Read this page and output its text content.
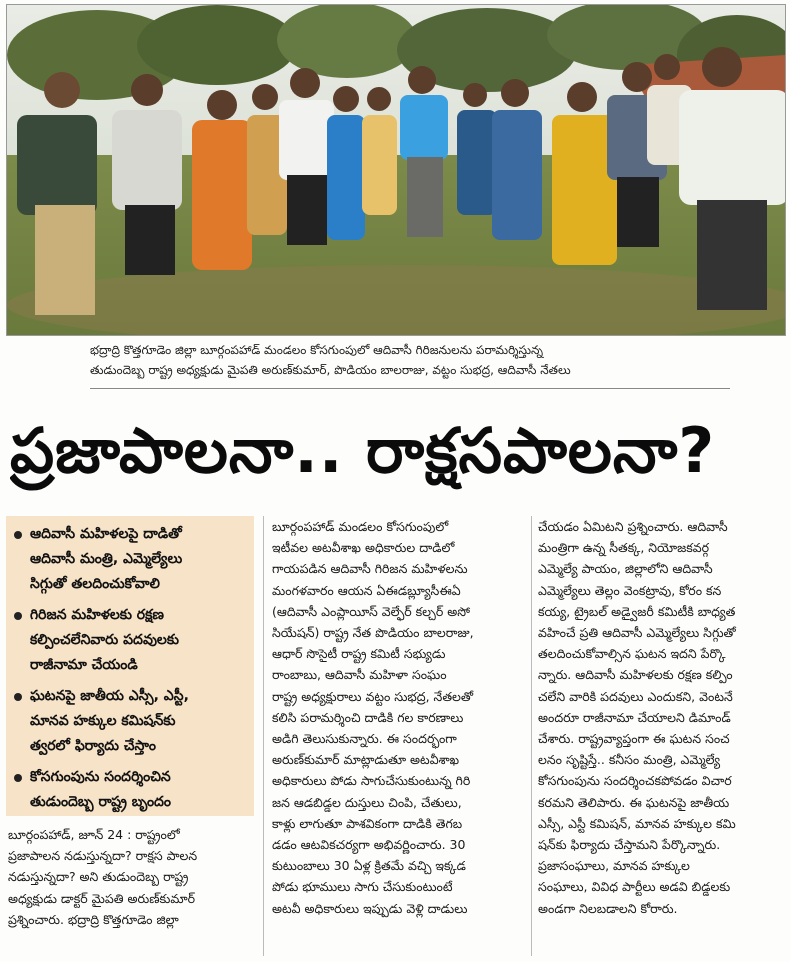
భద్రాద్రి కొత్తగూడెం జిల్లా బూర్గంపహాడ్ మండలం కోసగుంపులో ఆదివాసీ గిరిజనులను పరామర్శిస్తున్న
తుడుందెబ్బ రాష్ట్ర అధ్యక్షుడు మైపతి అరుణ్‌కుమార్, పొడియం బాలరాజు, వట్టం సుభద్ర, ఆదివాసీ నేతలు
ప్రజాపాలనా.. రాక్షసపాలనా?
ఆదివాసీ మహిళలపై దాడితో
ఆదివాసీ మంత్రి, ఎమ్మెల్యేలు
సిగ్గుతో తలదించుకోవాలి
గిరిజన మహిళలకు రక్షణ
కల్పించలేనివారు పదవులకు
రాజీనామా చేయండి
ఘటనపై జాతీయ ఎస్సీ, ఎస్టీ,
మానవ హక్కుల కమిషన్‌కు
త్వరలో ఫిర్యాదు చేస్తాం
కోసగుంపును సందర్శించిన
తుడుందెబ్బ రాష్ట్ర బృందం
బూర్గంపహాడ్, జూన్ 24 : రాష్ట్రంలో
ప్రజాపాలన నడుస్తున్నదా? రాక్షస పాలన
నడుస్తున్నదా? అని తుడుందెబ్బ రాష్ట్ర
అధ్యక్షుడు డాక్టర్ మైపతి అరుణ్‌కుమార్
ప్రశ్నించారు. భద్రాద్రి కొత్తగూడెం జిల్లా
బూర్గంపహాడ్ మండలం కోసగుంపులో
ఇటీవల అటవీశాఖ అధికారుల దాడిలో
గాయపడిన ఆదివాసీ గిరిజన మహిళలను
మంగళవారం ఆయన ఏఈడబ్ల్యూసీఈఏ
(ఆదివాసీ ఎంప్లాయీస్ వెల్ఫేర్ కల్చర్ అసో
సియేషన్) రాష్ట్ర నేత పొడియం బాలరాజు,
ఆధార్ సొసైటీ రాష్ట్ర కమిటీ సభ్యుడు
రాంబాబు, ఆదివాసీ మహిళా సంఘం
రాష్ట్ర అధ్యక్షురాలు వట్టం సుభద్ర, నేతలతో
కలిసి పరామర్శించి దాడికి గల కారణాలు
అడిగి తెలుసుకున్నారు. ఈ సందర్భంగా
అరుణ్‌కుమార్ మాట్లాడుతూ అటవీశాఖ
అధికారులు పోడు సాగుచేసుకుంటున్న గిరి
జన ఆడబిడ్డల దుస్తులు చింపి, చేతులు,
కాళ్లు లాగుతూ పాశవికంగా దాడికి తెగబ
డడం ఆటవికచర్యగా అభివర్ణించారు. 30
కుటుంబాలు 30 ఏళ్ల క్రితమే వచ్చి ఇక్కడ
పోడు భూములు సాగు చేసుకుంటుంటే
అటవీ అధికారులు ఇప్పుడు వెళ్లి దాడులు
చేయడం ఏమిటని ప్రశ్నించారు. ఆదివాసీ
మంత్రిగా ఉన్న సీతక్క, నియోజకవర్గ
ఎమ్మెల్యే పాయం, జిల్లాలోని ఆదివాసీ
ఎమ్మెల్యేలు తెల్లం వెంకట్రావు, కోరం కన
కయ్య, ట్రైబల్ అడ్వైజరీ కమిటీకి బాధ్యత
వహించే ప్రతి ఆదివాసీ ఎమ్మెల్యేలు సిగ్గుతో
తలదించుకోవాల్సిన ఘటన ఇదని పేర్కొ
న్నారు. ఆదివాసీ మహిళలకు రక్షణ కల్పిం
చలేని వారికి పదవులు ఎందుకని, వెంటనే
అందరూ రాజీనామా చేయాలని డిమాండ్
చేశారు. రాష్ట్రవ్యాప్తంగా ఈ ఘటన సంచ
లనం సృష్టిస్తే.. కనీసం మంత్రి, ఎమ్మెల్యే
కోసగుంపును సందర్శించకపోవడం విచార
కరమని తెలిపారు. ఈ ఘటనపై జాతీయ
ఎస్సీ, ఎస్టీ కమిషన్, మానవ హక్కుల కమి
షన్‌కు ఫిర్యాదు చేస్తామని పేర్కొన్నారు.
ప్రజాసంఘాలు, మానవ హక్కుల
సంఘాలు, వివిధ పార్టీలు అడవి బిడ్డలకు
అండగా నిలబడాలని కోరారు.
